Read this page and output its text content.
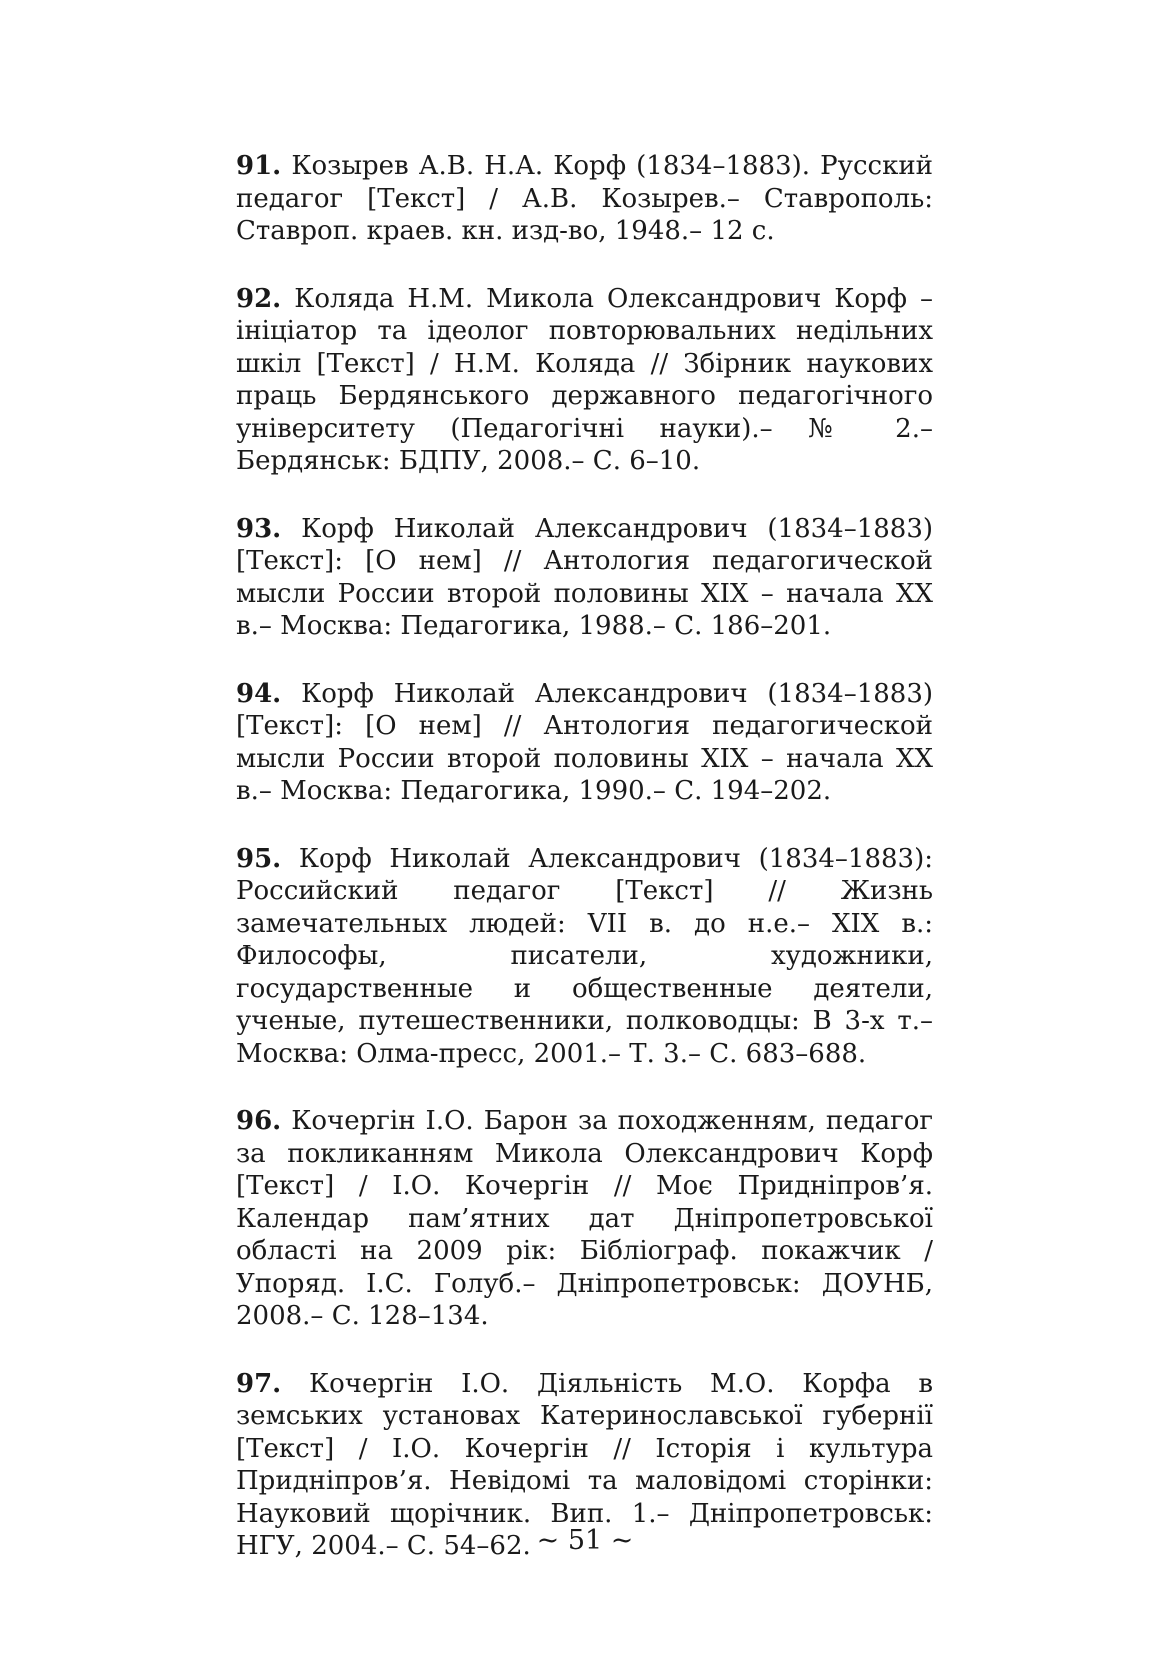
91. Козырев А.В. Н.А. Корф (1834–1883). Русский педагог [Текст] / А.В. Козырев.– Ставрополь: Ставроп. краев. кн. изд-во, 1948.– 12 с.

92. Коляда Н.М. Микола Олександрович Корф – ініціатор та ідеолог повторювальних недільних шкіл [Текст] / Н.М. Коляда // Збірник наукових праць Бердянського державного педагогічного університету (Педагогічні науки).– № 2.– Бердянськ: БДПУ, 2008.– С. 6–10.

93. Корф Николай Александрович (1834–1883) [Текст]: [О нем] // Антология педагогической мысли России второй половины XIX – начала XX в.– Москва: Педагогика, 1988.– С. 186–201.

94. Корф Николай Александрович (1834–1883) [Текст]: [О нем] // Антология педагогической мысли России второй половины XIX – начала XX в.– Москва: Педагогика, 1990.– С. 194–202.

95. Корф Николай Александрович (1834–1883): Российский педагог [Текст] // Жизнь замечательных людей: VII в. до н.е.– XIX в.: Философы, писатели, художники, государственные и общественные деятели, ученые, путешественники, полководцы: В 3-х т.– Москва: Олма-пресс, 2001.– Т. 3.– С. 683–688.

96. Кочергін І.О. Барон за походженням, педагог за покликанням Микола Олександрович Корф [Текст] / І.О. Кочергін // Моє Придніпров’я. Календар пам’ятних дат Дніпропетровської області на 2009 рік: Бібліограф. покажчик / Упоряд. І.С. Голуб.– Дніпропетровськ: ДОУНБ, 2008.– С. 128–134.

97. Кочергін І.О. Діяльність М.О. Корфа в земських установах Катеринославської губернії [Текст] / І.О. Кочергін // Історія і культура Придніпров’я. Невідомі та маловідомі сторінки: Науковий щорічник. Вип. 1.– Дніпропетровськ: НГУ, 2004.– С. 54–62. ~ 51 ~
